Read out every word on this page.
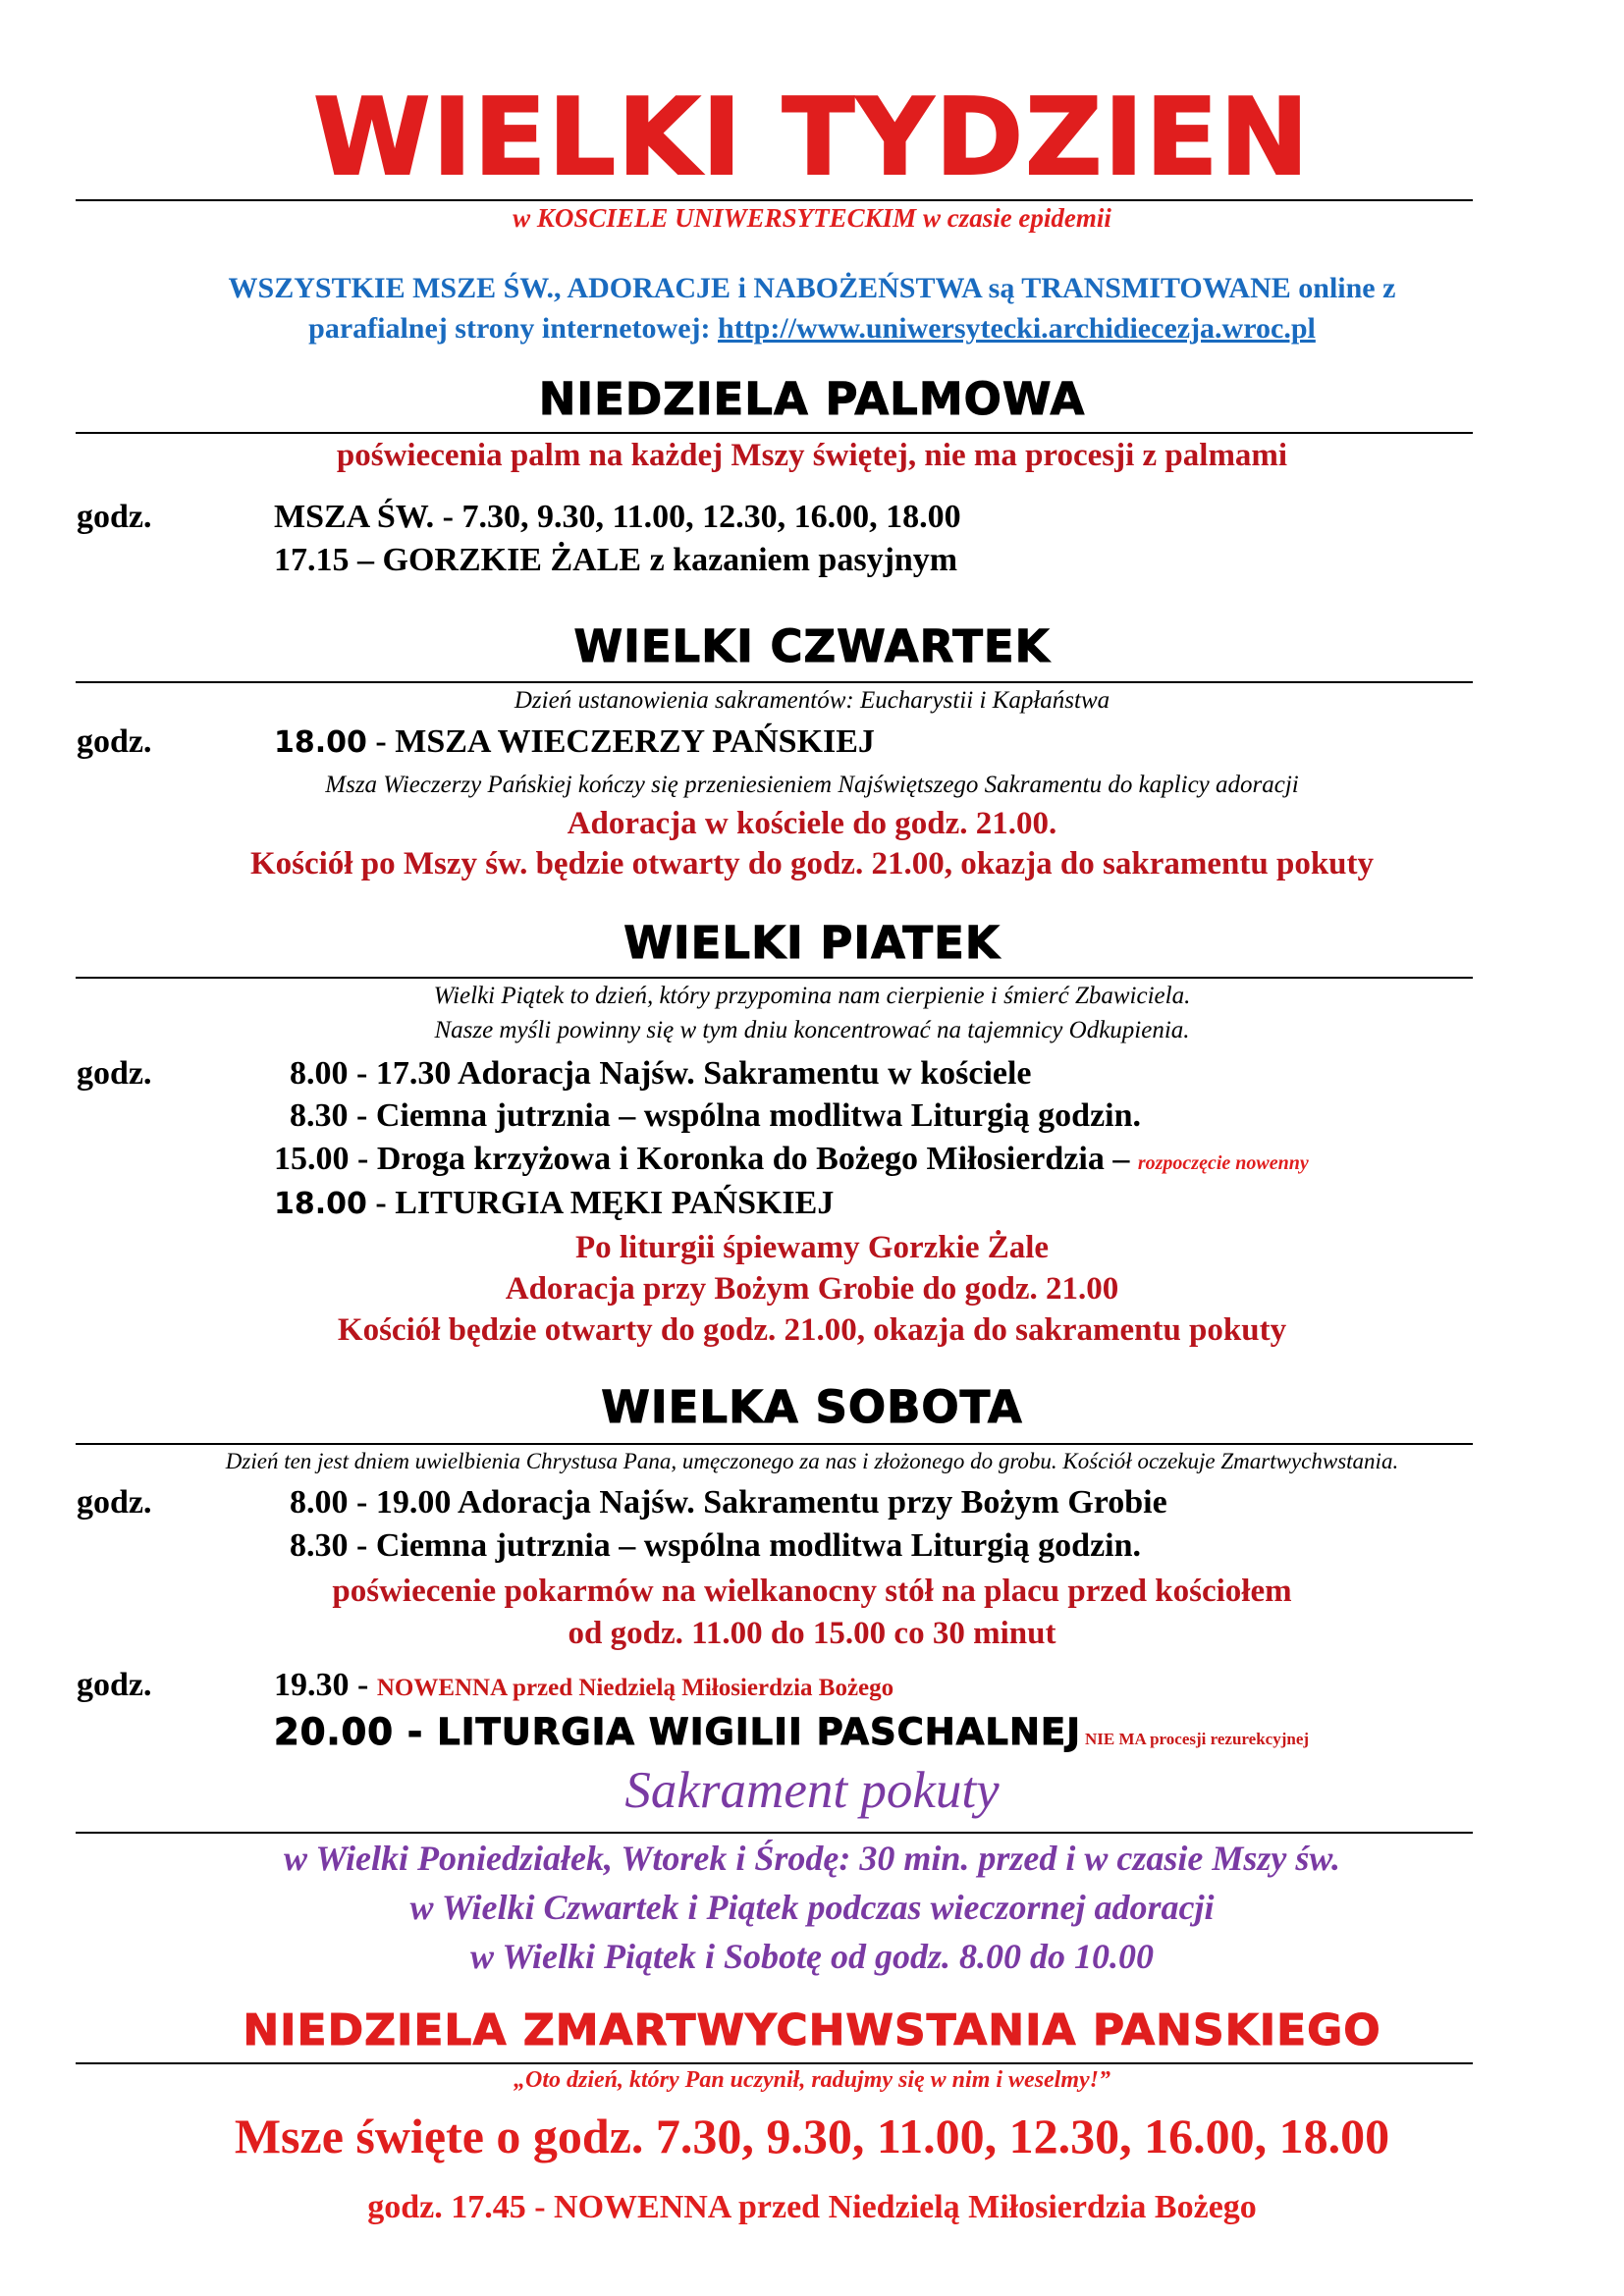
WIELKI TYDZIEN
w KOSCIELE UNIWERSYTECKIM w czasie epidemii
WSZYSTKIE MSZE ŚW., ADORACJE i NABOŻEŃSTWA są TRANSMITOWANE online z
parafialnej strony internetowej: http://www.uniwersytecki.archidiecezja.wroc.pl
NIEDZIELA PALMOWA
poświecenia palm na każdej Mszy świętej, nie ma procesji z palmami
godz.	MSZA ŚW. - 7.30, 9.30, 11.00, 12.30, 16.00, 18.00
17.15 – GORZKIE ŻALE z kazaniem pasyjnym
WIELKI CZWARTEK
Dzień ustanowienia sakramentów: Eucharystii i Kapłaństwa
godz.	18.00 - MSZA WIECZERZY PAŃSKIEJ
Msza Wieczerzy Pańskiej kończy się przeniesieniem Najświętszego Sakramentu do kaplicy adoracji
Adoracja w kościele do godz. 21.00.
Kościół po Mszy św. będzie otwarty do godz. 21.00, okazja do sakramentu pokuty
WIELKI PIATEK
Wielki Piątek to dzień, który przypomina nam cierpienie i śmierć Zbawiciela.
Nasze myśli powinny się w tym dniu koncentrować na tajemnicy Odkupienia.
godz.	8.00 - 17.30 Adoracja Najśw. Sakramentu w kościele
8.30 - Ciemna jutrznia – wspólna modlitwa Liturgią godzin.
15.00 - Droga krzyżowa i Koronka do Bożego Miłosierdzia – rozpoczęcie nowenny
18.00 - LITURGIA MĘKI PAŃSKIEJ
Po liturgii śpiewamy Gorzkie Żale
Adoracja przy Bożym Grobie do godz. 21.00
Kościół będzie otwarty do godz. 21.00, okazja do sakramentu pokuty
WIELKA SOBOTA
Dzień ten jest dniem uwielbienia Chrystusa Pana, umęczonego za nas i złożonego do grobu. Kościół oczekuje Zmartwychwstania.
godz.	8.00 - 19.00 Adoracja Najśw. Sakramentu przy Bożym Grobie
8.30 - Ciemna jutrznia – wspólna modlitwa Liturgią godzin.
poświecenie pokarmów na wielkanocny stół na placu przed kościołem
od godz. 11.00 do 15.00 co 30 minut
godz.	19.30 - NOWENNA przed Niedzielą Miłosierdzia Bożego
20.00 - LITURGIA WIGILII PASCHALNEJ NIE MA procesji rezurekcyjnej
Sakrament pokuty
w Wielki Poniedziałek, Wtorek i Środę: 30 min. przed i w czasie Mszy św.
w Wielki Czwartek i Piątek podczas wieczornej adoracji
w Wielki Piątek i Sobotę od godz. 8.00 do 10.00
NIEDZIELA ZMARTWYCHWSTANIA PANSKIEGO
„Oto dzień, który Pan uczynił, radujmy się w nim i weselmy!”
Msze święte o godz. 7.30, 9.30, 11.00, 12.30, 16.00, 18.00
godz. 17.45 - NOWENNA przed Niedzielą Miłosierdzia Bożego
